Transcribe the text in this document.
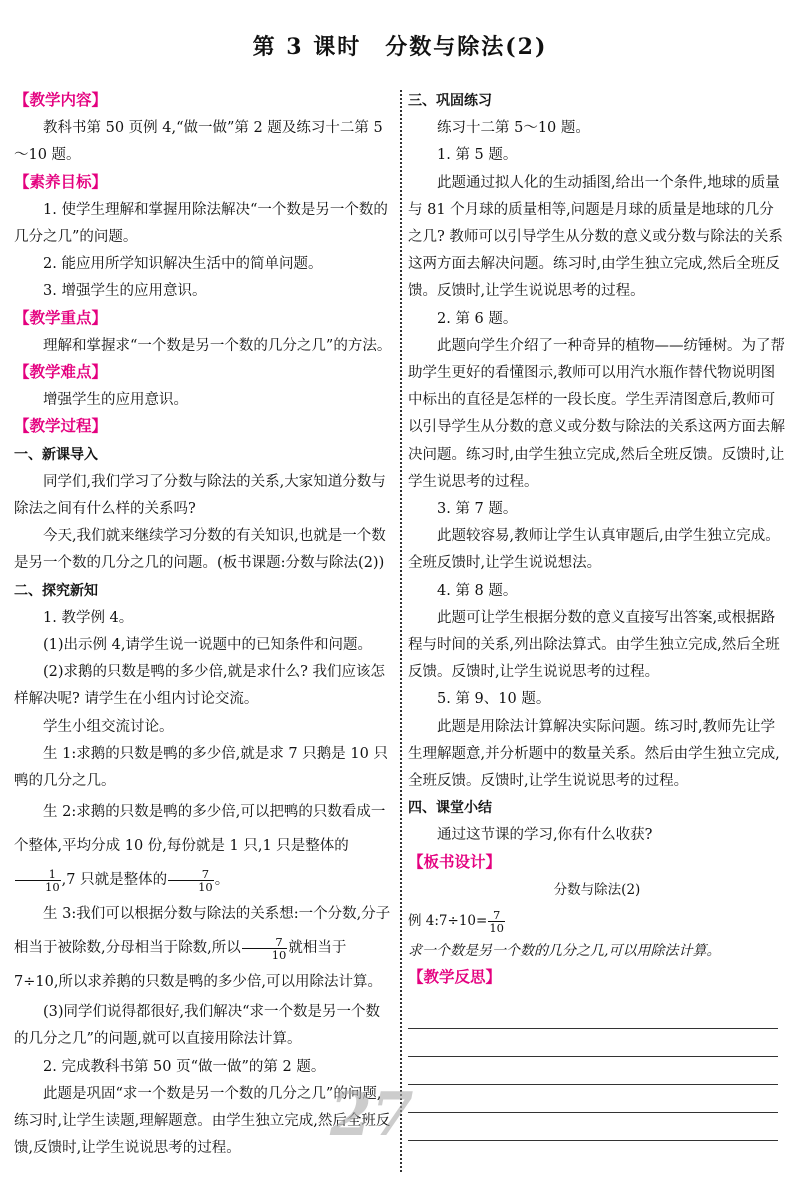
第 3 课时　分数与除法(2)
【教学内容】

教科书第 50 页例 4,“做一做”第 2 题及练习十二第 5～10 题。

【素养目标】

1. 使学生理解和掌握用除法解决“一个数是另一个数的几分之几”的问题。

2. 能应用所学知识解决生活中的简单问题。

3. 增强学生的应用意识。

【教学重点】

理解和掌握求“一个数是另一个数的几分之几”的方法。

【教学难点】

增强学生的应用意识。

【教学过程】

一、新课导入

同学们,我们学习了分数与除法的关系,大家知道分数与除法之间有什么样的关系吗?

今天,我们就来继续学习分数的有关知识,也就是一个数是另一个数的几分之几的问题。(板书课题:分数与除法(2))

二、探究新知

1. 教学例 4。

(1)出示例 4,请学生说一说题中的已知条件和问题。

(2)求鹅的只数是鸭的多少倍,就是求什么? 我们应该怎样解决呢? 请学生在小组内讨论交流。

学生小组交流讨论。

生 1:求鹅的只数是鸭的多少倍,就是求 7 只鹅是 10 只鸭的几分之几。

生 2:求鹅的只数是鸭的多少倍,可以把鸭的只数看成一个整体,平均分成 10 份,每份就是 1 只,1 只是整体的
$\frac{1}{10} ,7$ 只就是整体的 $\frac{7}{10}$ 。

生 3:我们可以根据分数与除法的关系想:一个分数,分子相当于被除数,分母相当于除数,所以 $\frac{7}{10}$ 就相当于 7÷10,所以求养鹅的只数是鸭的多少倍,可以用除法计算。

(3)同学们说得都很好,我们解决“求一个数是另一个数的几分之几”的问题,就可以直接用除法计算。

2. 完成教科书第 50 页“做一做”的第 2 题。

此题是巩固“求一个数是另一个数的几分之几”的问题,练习时,让学生读题,理解题意。由学生独立完成,然后全班反馈,反馈时,让学生说说思考的过程。

三、巩固练习

练习十二第 5～10 题。

1. 第 5 题。

此题通过拟人化的生动插图,给出一个条件,地球的质量与 81 个月球的质量相等,问题是月球的质量是地球的几分之几? 教师可以引导学生从分数的意义或分数与除法的关系这两方面去解决问题。练习时,由学生独立完成,然后全班反馈。反馈时,让学生说说思考的过程。

2. 第 6 题。

此题向学生介绍了一种奇异的植物——纺锤树。为了帮助学生更好的看懂图示,教师可以用汽水瓶作替代物说明图中标出的直径是怎样的一段长度。学生弄清图意后,教师可以引导学生从分数的意义或分数与除法的关系这两方面去解决问题。练习时,由学生独立完成,然后全班反馈。反馈时,让学生说思考的过程。

3. 第 7 题。

此题较容易,教师让学生认真审题后,由学生独立完成。全班反馈时,让学生说说想法。

4. 第 8 题。

此题可让学生根据分数的意义直接写出答案,或根据路程与时间的关系,列出除法算式。由学生独立完成,然后全班反馈。反馈时,让学生说说思考的过程。

5. 第 9、10 题。

此题是用除法计算解决实际问题。练习时,教师先让学生理解题意,并分析题中的数量关系。然后由学生独立完成,全班反馈。反馈时,让学生说说思考的过程。

四、课堂小结

通过这节课的学习,你有什么收获?

【板书设计】

分数与除法(2)

例 4:7÷10= $\frac{7}{10}$

求一个数是另一个数的几分之几,可以用除法计算。

【教学反思】

27
